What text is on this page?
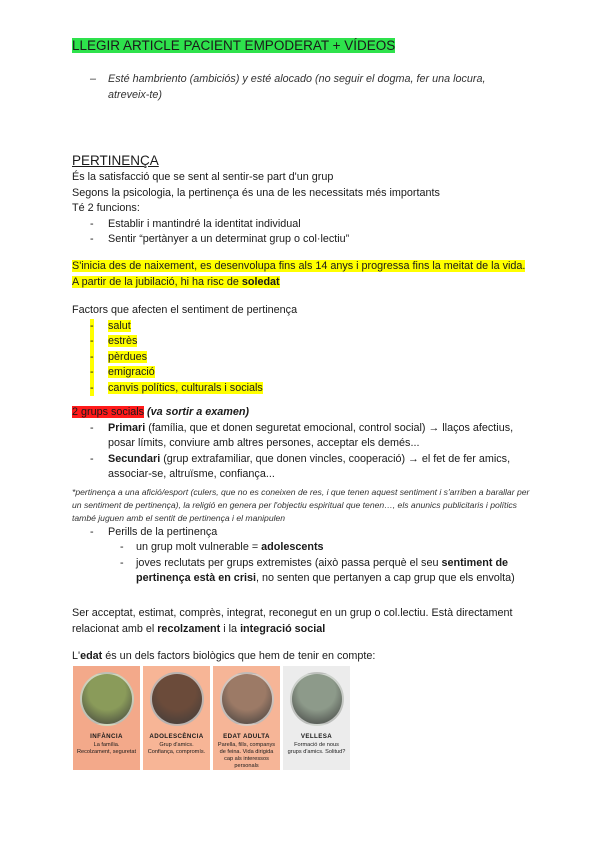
LLEGIR ARTICLE PACIENT EMPODERAT + VÍDEOS
–	Esté hambriento (ambiciós) y esté alocado (no seguir el dogma, fer una locura, atreveix-te)
PERTINENÇA
És la satisfacció que se sent al sentir-se part d'un grup
Segons la psicologia, la pertinença és una de les necessitats més importants
Té 2 funcions:
- Establir i mantindré la identitat individual
- Sentir “pertànyer a un determinat grup o col·lectiu”
S'inicia des de naixement, es desenvolupa fins als 14 anys i progressa fins la meitat de la vida. A partir de la jubilació, hi ha risc de soledat
Factors que afecten el sentiment de pertinença
- salut
- estrès
- pèrdues
- emigració
- canvis polítics, culturals i socials
2 grups socials (va sortir a examen)
- Primari (família, que et donen seguretat emocional, control social) → llaços afectius, posar límits, conviure amb altres persones, acceptar els demés...
- Secundari (grup extrafamiliar, que donen vincles, cooperació) → el fet de fer amics, associar-se, altruïsme, confiança...
*pertinença a una afició/esport (culers, que no es coneixen de res, i que tenen aquest sentiment i s'arriben a barallar per un sentiment de pertinença), la religió en genera per l'objectiu espiritual que tenen…, els anunics publicitaris i polítics també juguen amb el sentit de pertinença i el manipulen
- Perills de la pertinença
- un grup molt vulnerable = adolescents
- joves reclutats per grups extremistes (això passa perquè el seu sentiment de pertinença està en crisi, no senten que pertanyen a cap grup que els envolta)
Ser acceptat, estimat, comprès, integrat, reconegut en un grup o col.lectiu. Està directament relacionat amb el recolzament i la integració social
L'edat és un dels factors biològics que hem de tenir en compte:
INFÀNCIA
La família. Recolzament, seguretat
ADOLESCÈNCIA
Grup d'amics. Confiança, compromís.
EDAT ADULTA
Parella, fills, companys de feina. Vida dirigida cap als interessos personals
VELLESA
Formació de nous grups d'amics. Solitud?
